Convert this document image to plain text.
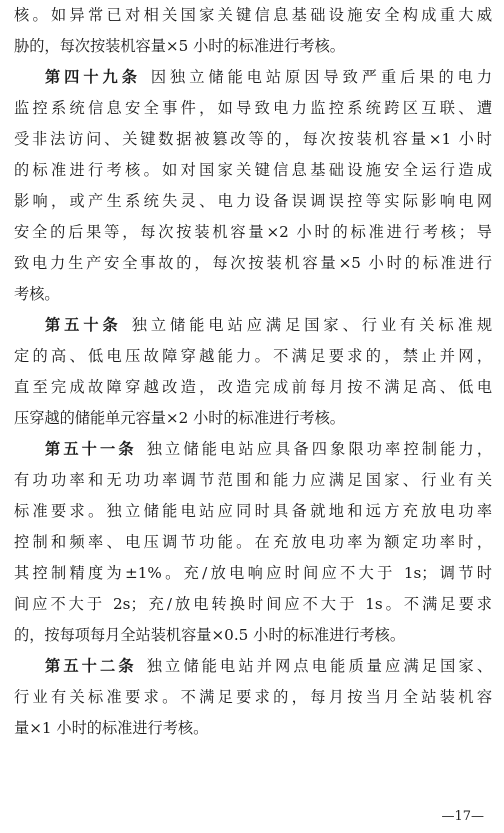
核。如异常已对相关国家关键信息基础设施安全构成重大威
胁的，每次按装机容量×5 小时的标准进行考核。
第四十九条 因独立储能电站原因导致严重后果的电力
监控系统信息安全事件，如导致电力监控系统跨区互联、遭
受非法访问、关键数据被篡改等的，每次按装机容量×1 小时
的标准进行考核。如对国家关键信息基础设施安全运行造成
影响，或产生系统失灵、电力设备误调误控等实际影响电网
安全的后果等，每次按装机容量×2 小时的标准进行考核；导
致电力生产安全事故的，每次按装机容量×5 小时的标准进行
考核。
第五十条 独立储能电站应满足国家、行业有关标准规
定的高、低电压故障穿越能力。不满足要求的，禁止并网，
直至完成故障穿越改造，改造完成前每月按不满足高、低电
压穿越的储能单元容量×2 小时的标准进行考核。
第五十一条 独立储能电站应具备四象限功率控制能力，
有功功率和无功功率调节范围和能力应满足国家、行业有关
标准要求。独立储能电站应同时具备就地和远方充放电功率
控制和频率、电压调节功能。在充放电功率为额定功率时，
其控制精度为±1%。充/放电响应时间应不大于 1s；调节时
间应不大于 2s；充/放电转换时间应不大于 1s。不满足要求
的，按每项每月全站装机容量×0.5 小时的标准进行考核。
第五十二条 独立储能电站并网点电能质量应满足国家、
行业有关标准要求。不满足要求的，每月按当月全站装机容
量×1 小时的标准进行考核。
—17—
